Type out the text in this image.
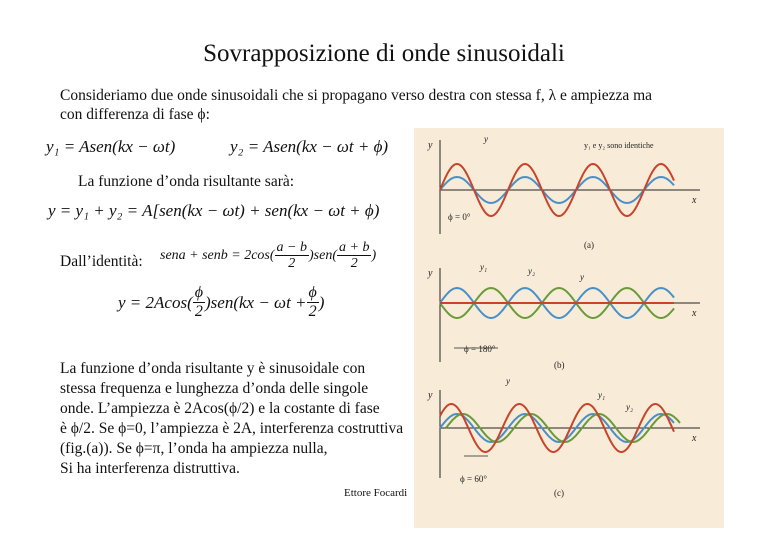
Sovrapposizione di onde sinusoidali
Consideriamo due onde sinusoidali che si propagano verso destra con stessa f, λ e ampiezza ma
con differenza di fase ϕ:
y₁ = Asen(kx − ωt)	y₂ = Asen(kx − ωt + ϕ)
La funzione d’onda risultante sarà:
y = y₁ + y₂ = A[sen(kx − ωt) + sen(kx − ωt + ϕ)
Dall’identità: sena + senb = $2\cos( \frac{a - b}{2} )sen( \frac{a + b}{2}$ )
$y = 2Acos( \frac{\phi}{2} )sen(kx - \omega t + \frac{\phi}{2}$ )
La funzione d’onda risultante y è sinusoidale con
stessa frequenza e lunghezza d’onda delle singole
onde. L’ampiezza è 2Acos(ϕ/2) e la costante di fase
è ϕ/2. Se ϕ=0, l’ampiezza è 2A, interferenza costruttiva
(fig.(a)). Se ϕ=π, l’onda ha ampiezza nulla,
Si ha interferenza distruttiva.
Ettore Focardi
y
x
y
y₁ e y₂ sono identiche
ϕ = 0°
(a)
y
x
y₁	y₂
y
ϕ = 180°
(b)
y
x
y
y₁
y₂
ϕ = 60°
(c)
